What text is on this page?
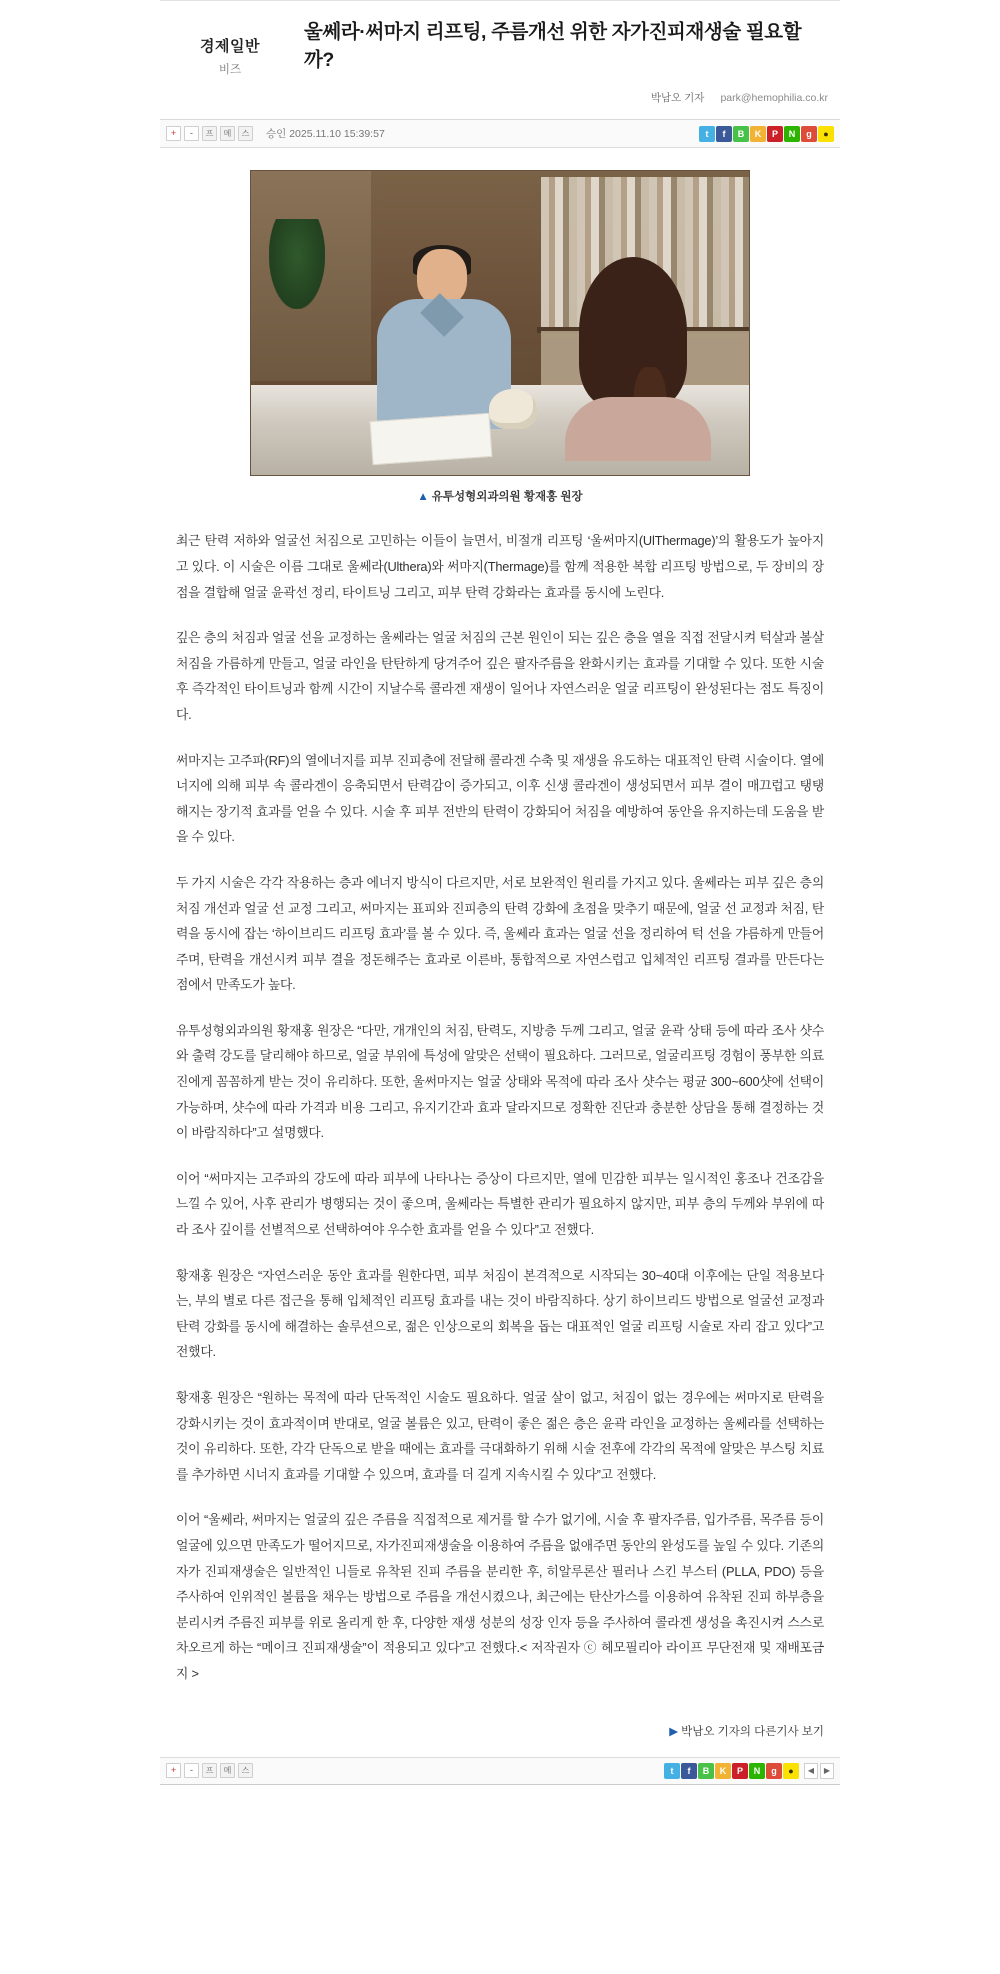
경제일반
비즈
울쎄라·써마지 리프팅, 주름개선 위한 자가진피재생술 필요할까?
박남오 기자 park@hemophilia.co.kr
+	-	프	메	스	승인 2025.11.10 15:39:57	t	f	B	K	P	N	g	●
▲ 유투성형외과의원 황재홍 원장

최근 탄력 저하와 얼굴선 처짐으로 고민하는 이들이 늘면서, 비절개 리프팅 ‘울써마지(UlThermage)’의 활용도가 높아지고 있다. 이 시술은 이름 그대로 울쎄라(Ulthera)와 써마지(Thermage)를 함께 적용한 복합 리프팅 방법으로, 두 장비의 장점을 결합해 얼굴 윤곽선 정리, 타이트닝 그리고, 피부 탄력 강화라는 효과를 동시에 노린다.

깊은 층의 처짐과 얼굴 선을 교정하는 울쎄라는 얼굴 처짐의 근본 원인이 되는 깊은 층을 열을 직접 전달시켜 턱살과 볼살 처짐을 가름하게 만들고, 얼굴 라인을 탄탄하게 당겨주어 깊은 팔자주름을 완화시키는 효과를 기대할 수 있다. 또한 시술 후 즉각적인 타이트닝과 함께 시간이 지날수록 콜라겐 재생이 일어나 자연스러운 얼굴 리프팅이 완성된다는 점도 특징이다.

써마지는 고주파(RF)의 열에너지를 피부 진피층에 전달해 콜라겐 수축 및 재생을 유도하는 대표적인 탄력 시술이다. 열에너지에 의해 피부 속 콜라겐이 응축되면서 탄력감이 증가되고, 이후 신생 콜라겐이 생성되면서 피부 결이 매끄럽고 탱탱해지는 장기적 효과를 얻을 수 있다. 시술 후 피부 전반의 탄력이 강화되어 처짐을 예방하여 동안을 유지하는데 도움을 받을 수 있다.

두 가지 시술은 각각 작용하는 층과 에너지 방식이 다르지만, 서로 보완적인 원리를 가지고 있다. 울쎄라는 피부 깊은 층의 처짐 개선과 얼굴 선 교정 그리고, 써마지는 표피와 진피층의 탄력 강화에 초점을 맞추기 때문에, 얼굴 선 교정과 처짐, 탄력을 동시에 잡는 ‘하이브리드 리프팅 효과’를 볼 수 있다. 즉, 울쎄라 효과는 얼굴 선을 정리하여 턱 선을 갸름하게 만들어주며, 탄력을 개선시켜 피부 결을 정돈해주는 효과로 이른바, 통합적으로 자연스럽고 입체적인 리프팅 결과를 만든다는 점에서 만족도가 높다.

유투성형외과의원 황재홍 원장은 “다만, 개개인의 처짐, 탄력도, 지방층 두께 그리고, 얼굴 윤곽 상태 등에 따라 조사 샷수와 출력 강도를 달리해야 하므로, 얼굴 부위에 특성에 알맞은 선택이 필요하다. 그러므로, 얼굴리프팅 경험이 풍부한 의료진에게 꼼꼼하게 받는 것이 유리하다. 또한, 울써마지는 얼굴 상태와 목적에 따라 조사 샷수는 평균 300~600샷에 선택이 가능하며, 샷수에 따라 가격과 비용 그리고, 유지기간과 효과 달라지므로 정확한 진단과 충분한 상담을 통해 결정하는 것이 바람직하다”고 설명했다.

이어 “써마지는 고주파의 강도에 따라 피부에 나타나는 증상이 다르지만, 열에 민감한 피부는 일시적인 홍조나 건조감을 느낄 수 있어, 사후 관리가 병행되는 것이 좋으며, 울쎄라는 특별한 관리가 필요하지 않지만, 피부 층의 두께와 부위에 따라 조사 깊이를 선별적으로 선택하여야 우수한 효과를 얻을 수 있다”고 전했다.

황재홍 원장은 “자연스러운 동안 효과를 원한다면, 피부 처짐이 본격적으로 시작되는 30~40대 이후에는 단일 적용보다는, 부의 별로 다른 접근을 통해 입체적인 리프팅 효과를 내는 것이 바람직하다. 상기 하이브리드 방법으로 얼굴선 교정과 탄력 강화를 동시에 해결하는 솔루션으로, 젊은 인상으로의 회복을 돕는 대표적인 얼굴 리프팅 시술로 자리 잡고 있다”고 전했다.

황재홍 원장은 “원하는 목적에 따라 단독적인 시술도 필요하다. 얼굴 살이 없고, 처짐이 없는 경우에는 써마지로 탄력을 강화시키는 것이 효과적이며 반대로, 얼굴 볼륨은 있고, 탄력이 좋은 젊은 층은 윤곽 라인을 교정하는 울쎄라를 선택하는 것이 유리하다. 또한, 각각 단독으로 받을 때에는 효과를 극대화하기 위해 시술 전후에 각각의 목적에 알맞은 부스팅 치료를 추가하면 시너지 효과를 기대할 수 있으며, 효과를 더 길게 지속시킬 수 있다”고 전했다.

이어 “울쎄라, 써마지는 얼굴의 깊은 주름을 직접적으로 제거를 할 수가 없기에, 시술 후 팔자주름, 입가주름, 목주름 등이 얼굴에 있으면 만족도가 떨어지므로, 자가진피재생술을 이용하여 주름을 없애주면 동안의 완성도를 높일 수 있다. 기존의 자가 진피재생술은 일반적인 니들로 유착된 진피 주름을 분리한 후, 히알루론산 필러나 스킨 부스터 (PLLA, PDO) 등을 주사하여 인위적인 볼륨을 채우는 방법으로 주름을 개선시켰으나, 최근에는 탄산가스를 이용하여 유착된 진피 하부층을 분리시켜 주름진 피부를 위로 올리게 한 후, 다양한 재생 성분의 성장 인자 등을 주사하여 콜라겐 생성을 촉진시켜 스스로 차오르게 하는 “메이크 진피재생술”이 적용되고 있다”고 전했다.< 저작권자 ⓒ 헤모필리아 라이프 무단전재 및 재배포금지 >

▶ 박남오 기자의 다른기사 보기
+	-	프	메	스	t	f	B	K	P	N	g	●	◀	▶
